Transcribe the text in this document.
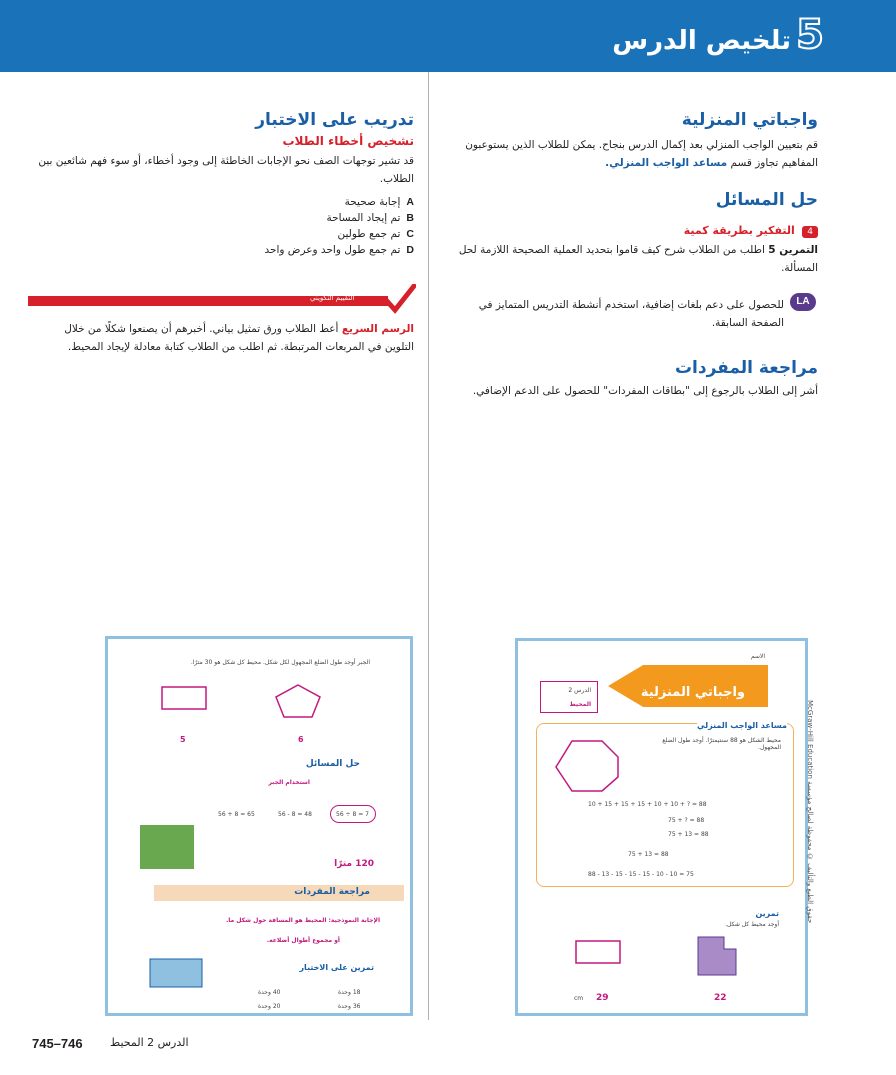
تلخيص الدرس 5
واجباتي المنزلية
قم بتعيين الواجب المنزلي بعد إكمال الدرس بنجاح. يمكن للطلاب الذين يستوعبون المفاهيم تجاوز قسم مساعد الواجب المنزلي.
حل المسائل
4 التفكير بطريقة كمية
التمرين 5 اطلب من الطلاب شرح كيف قاموا بتحديد العملية الصحيحة اللازمة لحل المسألة.
LA
للحصول على دعم بلغات إضافية، استخدم أنشطة التدريس المتمايز في الصفحة السابقة.
مراجعة المفردات
أشر إلى الطلاب بالرجوع إلى "بطاقات المفردات" للحصول على الدعم الإضافي.
تدريب على الاختبار
تشخيص أخطاء الطلاب
قد تشير توجهات الصف نحو الإجابات الخاطئة إلى وجود أخطاء، أو سوء فهم شائعين بين الطلاب.
Aإجابة صحيحة
Bتم إيجاد المساحة
Cتم جمع طولين
Dتم جمع طول واحد وعرض واحد
التقييم التكويني
الرسم السريع أعط الطلاب ورق تمثيل بياني. أخبرهم أن يصنعوا شكلًا من خلال التلوين في المربعات المرتبطة. ثم اطلب من الطلاب كتابة معادلة لإيجاد المحيط.
الاسم
واجباتي المنزلية
الدرس 2
المحيط
مساعد الواجب المنزلي
محيط الشكل هو 88 سنتيمترًا. أوجد طول الضلع المجهول.
10 + 15 + 15 + 15 + 10 + 10 + ? = 88
75 + ? = 88
75 + 13 = 88
75 + 13 = 88
88 - 13 - 15 - 15 - 15 - 10 - 10 = 75
تمرين
أوجد محيط كل شكل.
29
cm	22
McGraw-Hill Education حقوق الطبع والتأليف © محفوظة لصالح مؤسسة
الجبر أوجد طول الضلع المجهول لكل شكل. محيط كل شكل هو 30 مترًا.
5	6
حل المسائل
استخدام الجبر
56 + 8 = 65	56 - 8 = 48	56 ÷ 8 = 7
120 مترًا
مراجعة المفردات
الإجابة النموذجية: المحيط هو المسافة حول شكل ما.
أو مجموع أطوال أضلاعه.
تمرين على الاختبار
40 وحدة	18 وحدة
20 وحدة	36 وحدة
745–746 الدرس 2 المحيط
